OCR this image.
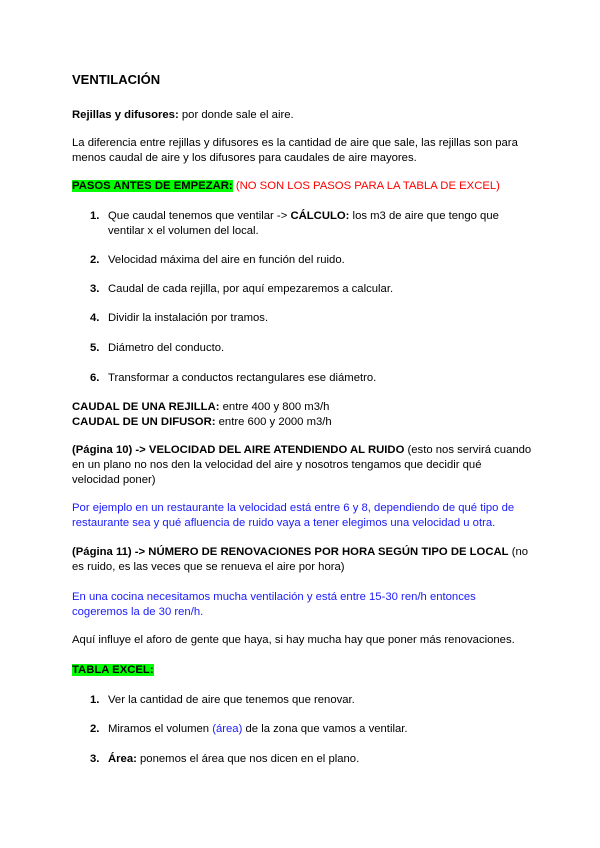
VENTILACIÓN
Rejillas y difusores: por donde sale el aire.
La diferencia entre rejillas y difusores es la cantidad de aire que sale, las rejillas son para menos caudal de aire y los difusores para caudales de aire mayores.
PASOS ANTES DE EMPEZAR: (NO SON LOS PASOS PARA LA TABLA DE EXCEL)
1. Que caudal tenemos que ventilar -> CÁLCULO: los m3 de aire que tengo que ventilar x el volumen del local.
2. Velocidad máxima del aire en función del ruido.
3. Caudal de cada rejilla, por aquí empezaremos a calcular.
4. Dividir la instalación por tramos.
5. Diámetro del conducto.
6. Transformar a conductos rectangulares ese diámetro.
CAUDAL DE UNA REJILLA: entre 400 y 800 m3/h
CAUDAL DE UN DIFUSOR: entre 600 y 2000 m3/h
(Página 10) -> VELOCIDAD DEL AIRE ATENDIENDO AL RUIDO (esto nos servirá cuando en un plano no nos den la velocidad del aire y nosotros tengamos que decidir qué velocidad poner)
Por ejemplo en un restaurante la velocidad está entre 6 y 8, dependiendo de qué tipo de restaurante sea y qué afluencia de ruido vaya a tener elegimos una velocidad u otra.
(Página 11) -> NÚMERO DE RENOVACIONES POR HORA SEGÚN TIPO DE LOCAL (no es ruido, es las veces que se renueva el aire por hora)
En una cocina necesitamos mucha ventilación y está entre 15-30 ren/h entonces cogeremos la de 30 ren/h.
Aquí influye el aforo de gente que haya, si hay mucha hay que poner más renovaciones.
TABLA EXCEL:
1. Ver la cantidad de aire que tenemos que renovar.
2. Miramos el volumen (área) de la zona que vamos a ventilar.
3. Área: ponemos el área que nos dicen en el plano.
